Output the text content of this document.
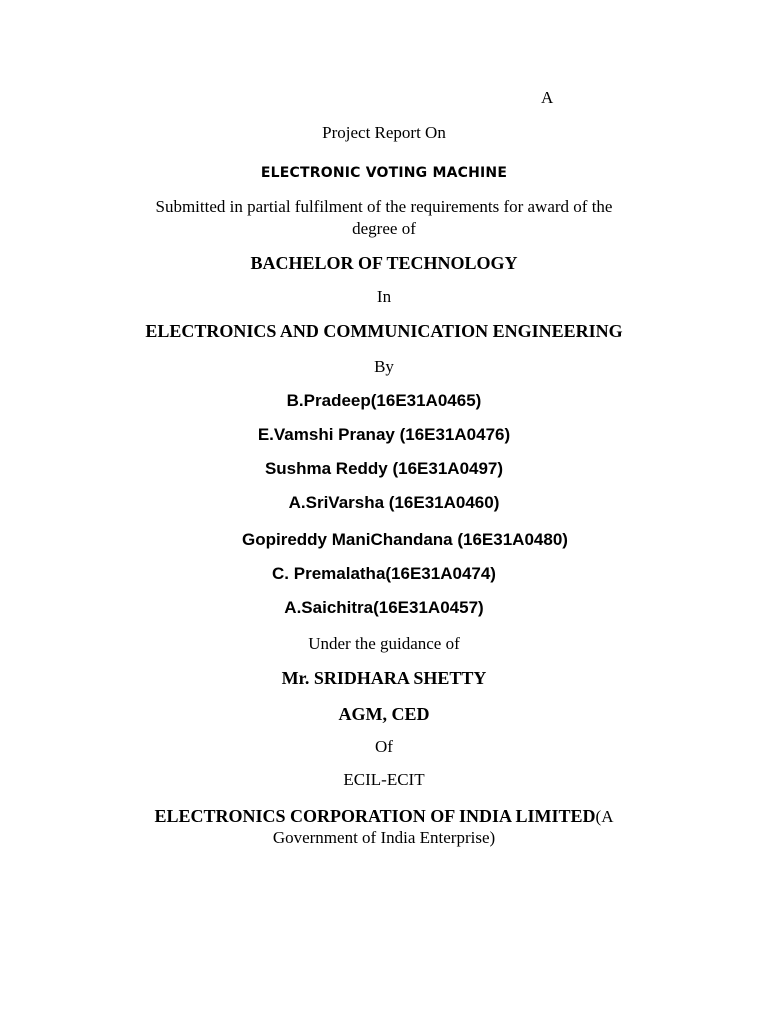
A
Project Report On
ELECTRONIC VOTING MACHINE
Submitted in partial fulfilment of the requirements for award of the
degree of
BACHELOR OF TECHNOLOGY
In
ELECTRONICS AND COMMUNICATION ENGINEERING
By
B.Pradeep(16E31A0465)
E.Vamshi Pranay (16E31A0476)
Sushma Reddy (16E31A0497)
A.SriVarsha (16E31A0460)
Gopireddy ManiChandana (16E31A0480)
C. Premalatha(16E31A0474)
A.Saichitra(16E31A0457)
Under the guidance of
Mr. SRIDHARA SHETTY
AGM, CED
Of
ECIL-ECIT
ELECTRONICS CORPORATION OF INDIA LIMITED(A
Government of India Enterprise)
